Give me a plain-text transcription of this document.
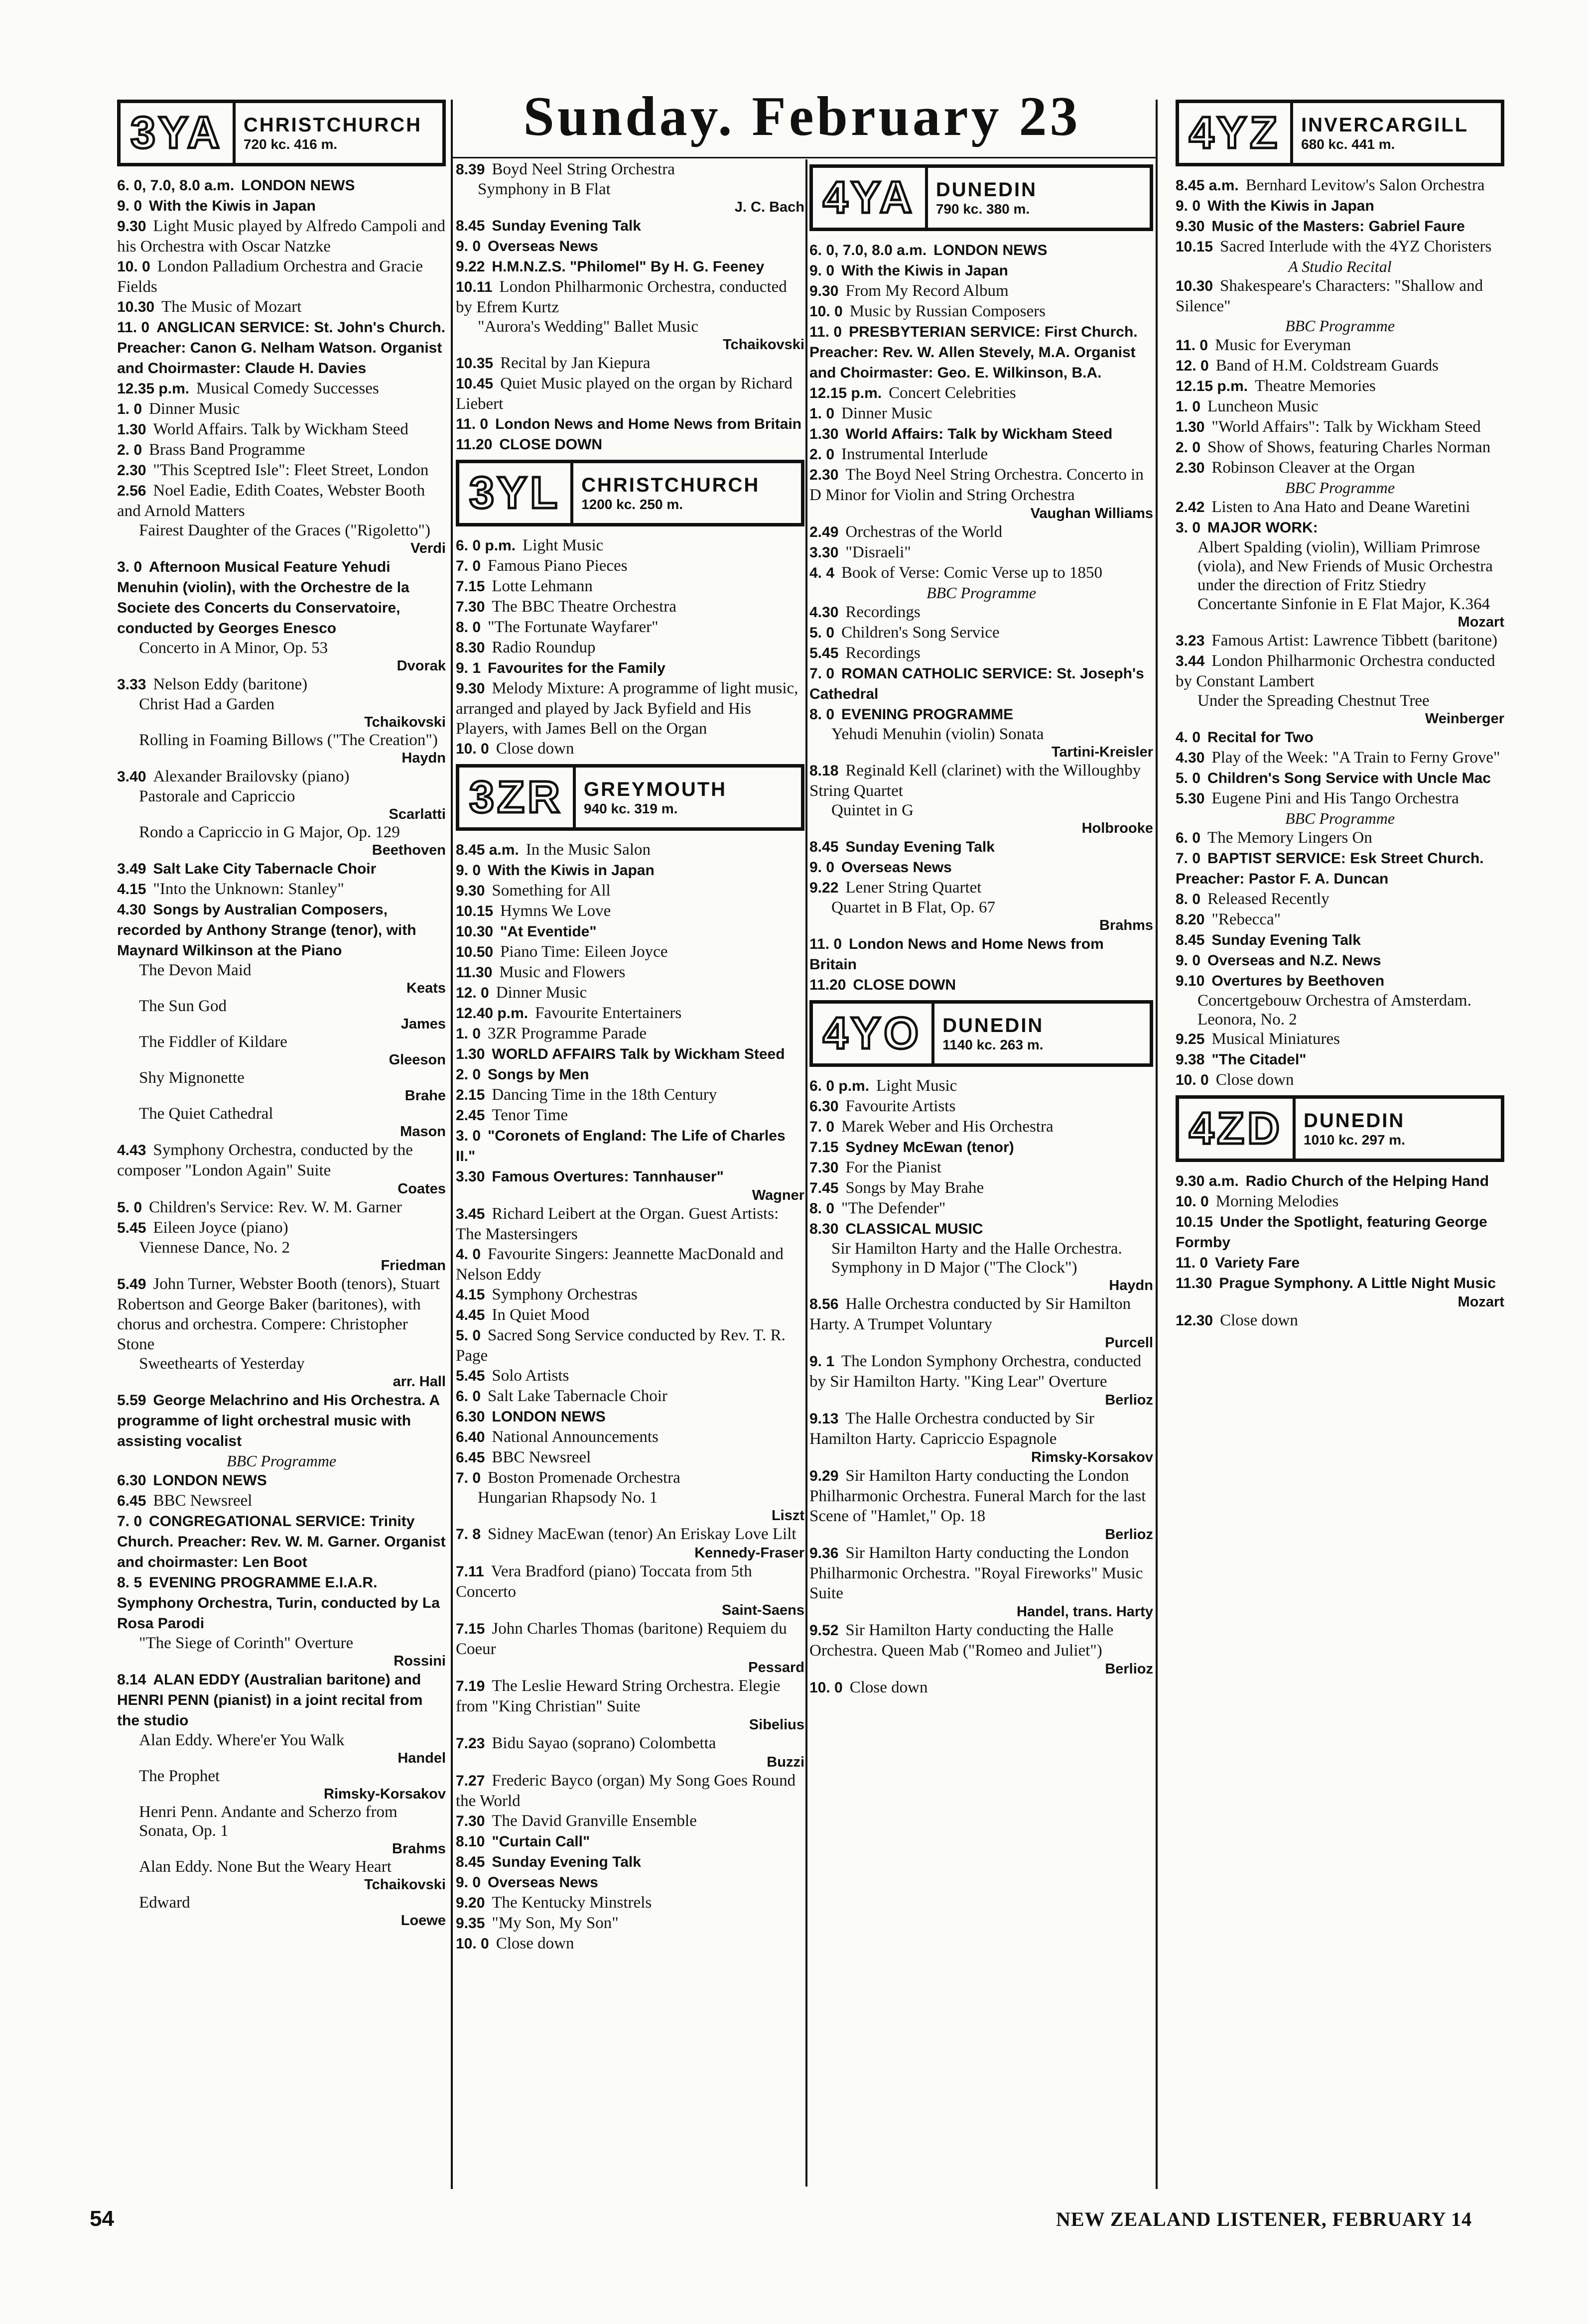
Sunday. February 23
3YA	CHRISTCHURCH
720 kc. 416 m.

6. 0, 7.0, 8.0 a.m. LONDON NEWS

9. 0 With the Kiwis in Japan

9.30 Light Music played by Alfredo Campoli and his Orchestra with Oscar Natzke

10. 0 London Palladium Orchestra and Gracie Fields

10.30 The Music of Mozart

11. 0 ANGLICAN SERVICE: St. John's Church. Preacher: Canon G. Nelham Watson. Organist and Choirmaster: Claude H. Davies

12.35 p.m. Musical Comedy Successes

1. 0 Dinner Music

1.30 World Affairs. Talk by Wickham Steed

2. 0 Brass Band Programme

2.30 "This Sceptred Isle": Fleet Street, London

2.56 Noel Eadie, Edith Coates, Webster Booth and Arnold Matters

Fairest Daughter of the Graces ("Rigoletto")
Verdi

3. 0 Afternoon Musical Feature Yehudi Menuhin (violin), with the Orchestre de la Societe des Concerts du Conservatoire, conducted by Georges Enesco

Concerto in A Minor, Op. 53
Dvorak

3.33 Nelson Eddy (baritone)

Christ Had a Garden
Tchaikovski
Rolling in Foaming Billows ("The Creation")
Haydn

3.40 Alexander Brailovsky (piano)

Pastorale and Capriccio
Scarlatti
Rondo a Capriccio in G Major, Op. 129
Beethoven

3.49 Salt Lake City Tabernacle Choir

4.15 "Into the Unknown: Stanley"

4.30 Songs by Australian Composers, recorded by Anthony Strange (tenor), with Maynard Wilkinson at the Piano

The Devon Maid
Keats
The Sun God
James
The Fiddler of Kildare
Gleeson
Shy Mignonette
Brahe
The Quiet Cathedral
Mason

4.43 Symphony Orchestra, conducted by the composer "London Again" Suite

Coates

5. 0 Children's Service: Rev. W. M. Garner

5.45 Eileen Joyce (piano)

Viennese Dance, No. 2
Friedman

5.49 John Turner, Webster Booth (tenors), Stuart Robertson and George Baker (baritones), with chorus and orchestra. Compere: Christopher Stone

Sweethearts of Yesterday
arr. Hall

5.59 George Melachrino and His Orchestra. A programme of light orchestral music with assisting vocalist

BBC Programme

6.30 LONDON NEWS

6.45 BBC Newsreel

7. 0 CONGREGATIONAL SERVICE: Trinity Church. Preacher: Rev. W. M. Garner. Organist and choirmaster: Len Boot

8. 5 EVENING PROGRAMME E.I.A.R. Symphony Orchestra, Turin, conducted by La Rosa Parodi

"The Siege of Corinth" Overture
Rossini

8.14 ALAN EDDY (Australian baritone) and HENRI PENN (pianist) in a joint recital from the studio

Alan Eddy. Where'er You Walk
Handel
The Prophet
Rimsky-Korsakov
Henri Penn. Andante and Scherzo from Sonata, Op. 1
Brahms
Alan Eddy. None But the Weary Heart
Tchaikovski
Edward
Loewe

8.39 Boyd Neel String Orchestra

Symphony in B Flat
J. C. Bach

8.45 Sunday Evening Talk

9. 0 Overseas News

9.22 H.M.N.Z.S. "Philomel" By H. G. Feeney

10.11 London Philharmonic Orchestra, conducted by Efrem Kurtz

"Aurora's Wedding" Ballet Music
Tchaikovski

10.35 Recital by Jan Kiepura

10.45 Quiet Music played on the organ by Richard Liebert

11. 0 London News and Home News from Britain

11.20 CLOSE DOWN

3YL	CHRISTCHURCH
1200 kc. 250 m.

6. 0 p.m. Light Music

7. 0 Famous Piano Pieces

7.15 Lotte Lehmann

7.30 The BBC Theatre Orchestra

8. 0 "The Fortunate Wayfarer"

8.30 Radio Roundup

9. 1 Favourites for the Family

9.30 Melody Mixture: A programme of light music, arranged and played by Jack Byfield and His Players, with James Bell on the Organ

10. 0 Close down

3ZR	GREYMOUTH
940 kc. 319 m.

8.45 a.m. In the Music Salon

9. 0 With the Kiwis in Japan

9.30 Something for All

10.15 Hymns We Love

10.30 "At Eventide"

10.50 Piano Time: Eileen Joyce

11.30 Music and Flowers

12. 0 Dinner Music

12.40 p.m. Favourite Entertainers

1. 0 3ZR Programme Parade

1.30 WORLD AFFAIRS Talk by Wickham Steed

2. 0 Songs by Men

2.15 Dancing Time in the 18th Century

2.45 Tenor Time

3. 0 "Coronets of England: The Life of Charles II."

3.30 Famous Overtures: Tannhauser"

Wagner

3.45 Richard Leibert at the Organ. Guest Artists: The Mastersingers

4. 0 Favourite Singers: Jeannette MacDonald and Nelson Eddy

4.15 Symphony Orchestras

4.45 In Quiet Mood

5. 0 Sacred Song Service conducted by Rev. T. R. Page

5.45 Solo Artists

6. 0 Salt Lake Tabernacle Choir

6.30 LONDON NEWS

6.40 National Announcements

6.45 BBC Newsreel

7. 0 Boston Promenade Orchestra

Hungarian Rhapsody No. 1
Liszt

7. 8 Sidney MacEwan (tenor) An Eriskay Love Lilt

Kennedy-Fraser

7.11 Vera Bradford (piano) Toccata from 5th Concerto

Saint-Saens

7.15 John Charles Thomas (baritone) Requiem du Coeur

Pessard

7.19 The Leslie Heward String Orchestra. Elegie from "King Christian" Suite

Sibelius

7.23 Bidu Sayao (soprano) Colombetta

Buzzi

7.27 Frederic Bayco (organ) My Song Goes Round the World

7.30 The David Granville Ensemble

8.10 "Curtain Call"

8.45 Sunday Evening Talk

9. 0 Overseas News

9.20 The Kentucky Minstrels

9.35 "My Son, My Son"

10. 0 Close down

4YA	DUNEDIN
790 kc. 380 m.

6. 0, 7.0, 8.0 a.m. LONDON NEWS

9. 0 With the Kiwis in Japan

9.30 From My Record Album

10. 0 Music by Russian Composers

11. 0 PRESBYTERIAN SERVICE: First Church. Preacher: Rev. W. Allen Stevely, M.A. Organist and Choirmaster: Geo. E. Wilkinson, B.A.

12.15 p.m. Concert Celebrities

1. 0 Dinner Music

1.30 World Affairs: Talk by Wickham Steed

2. 0 Instrumental Interlude

2.30 The Boyd Neel String Orchestra. Concerto in D Minor for Violin and String Orchestra

Vaughan Williams

2.49 Orchestras of the World

3.30 "Disraeli"

4. 4 Book of Verse: Comic Verse up to 1850

BBC Programme

4.30 Recordings

5. 0 Children's Song Service

5.45 Recordings

7. 0 ROMAN CATHOLIC SERVICE: St. Joseph's Cathedral

8. 0 EVENING PROGRAMME

Yehudi Menuhin (violin) Sonata
Tartini-Kreisler

8.18 Reginald Kell (clarinet) with the Willoughby String Quartet

Quintet in G
Holbrooke

8.45 Sunday Evening Talk

9. 0 Overseas News

9.22 Lener String Quartet

Quartet in B Flat, Op. 67
Brahms

11. 0 London News and Home News from Britain

11.20 CLOSE DOWN

4YO	DUNEDIN
1140 kc. 263 m.

6. 0 p.m. Light Music

6.30 Favourite Artists

7. 0 Marek Weber and His Orchestra

7.15 Sydney McEwan (tenor)

7.30 For the Pianist

7.45 Songs by May Brahe

8. 0 "The Defender"

8.30 CLASSICAL MUSIC

Sir Hamilton Harty and the Halle Orchestra. Symphony in D Major ("The Clock")
Haydn

8.56 Halle Orchestra conducted by Sir Hamilton Harty. A Trumpet Voluntary

Purcell

9. 1 The London Symphony Orchestra, conducted by Sir Hamilton Harty. "King Lear" Overture

Berlioz

9.13 The Halle Orchestra conducted by Sir Hamilton Harty. Capriccio Espagnole

Rimsky-Korsakov

9.29 Sir Hamilton Harty conducting the London Philharmonic Orchestra. Funeral March for the last Scene of "Hamlet," Op. 18

Berlioz

9.36 Sir Hamilton Harty conducting the London Philharmonic Orchestra. "Royal Fireworks" Music Suite

Handel, trans. Harty

9.52 Sir Hamilton Harty conducting the Halle Orchestra. Queen Mab ("Romeo and Juliet")

Berlioz

10. 0 Close down

4YZ	INVERCARGILL
680 kc. 441 m.

8.45 a.m. Bernhard Levitow's Salon Orchestra

9. 0 With the Kiwis in Japan

9.30 Music of the Masters: Gabriel Faure

10.15 Sacred Interlude with the 4YZ Choristers

A Studio Recital

10.30 Shakespeare's Characters: "Shallow and Silence"

BBC Programme

11. 0 Music for Everyman

12. 0 Band of H.M. Coldstream Guards

12.15 p.m. Theatre Memories

1. 0 Luncheon Music

1.30 "World Affairs": Talk by Wickham Steed

2. 0 Show of Shows, featuring Charles Norman

2.30 Robinson Cleaver at the Organ

BBC Programme

2.42 Listen to Ana Hato and Deane Waretini

3. 0 MAJOR WORK:

Albert Spalding (violin), William Primrose (viola), and New Friends of Music Orchestra under the direction of Fritz Stiedry
Concertante Sinfonie in E Flat Major, K.364
Mozart

3.23 Famous Artist: Lawrence Tibbett (baritone)

3.44 London Philharmonic Orchestra conducted by Constant Lambert

Under the Spreading Chestnut Tree
Weinberger

4. 0 Recital for Two

4.30 Play of the Week: "A Train to Ferny Grove"

5. 0 Children's Song Service with Uncle Mac

5.30 Eugene Pini and His Tango Orchestra

BBC Programme

6. 0 The Memory Lingers On

7. 0 BAPTIST SERVICE: Esk Street Church. Preacher: Pastor F. A. Duncan

8. 0 Released Recently

8.20 "Rebecca"

8.45 Sunday Evening Talk

9. 0 Overseas and N.Z. News

9.10 Overtures by Beethoven

Concertgebouw Orchestra of Amsterdam. Leonora, No. 2

9.25 Musical Miniatures

9.38 "The Citadel"

10. 0 Close down

4ZD	DUNEDIN
1010 kc. 297 m.

9.30 a.m. Radio Church of the Helping Hand

10. 0 Morning Melodies

10.15 Under the Spotlight, featuring George Formby

11. 0 Variety Fare

11.30 Prague Symphony. A Little Night Music

Mozart

12.30 Close down

54	NEW ZEALAND LISTENER, FEBRUARY 14
